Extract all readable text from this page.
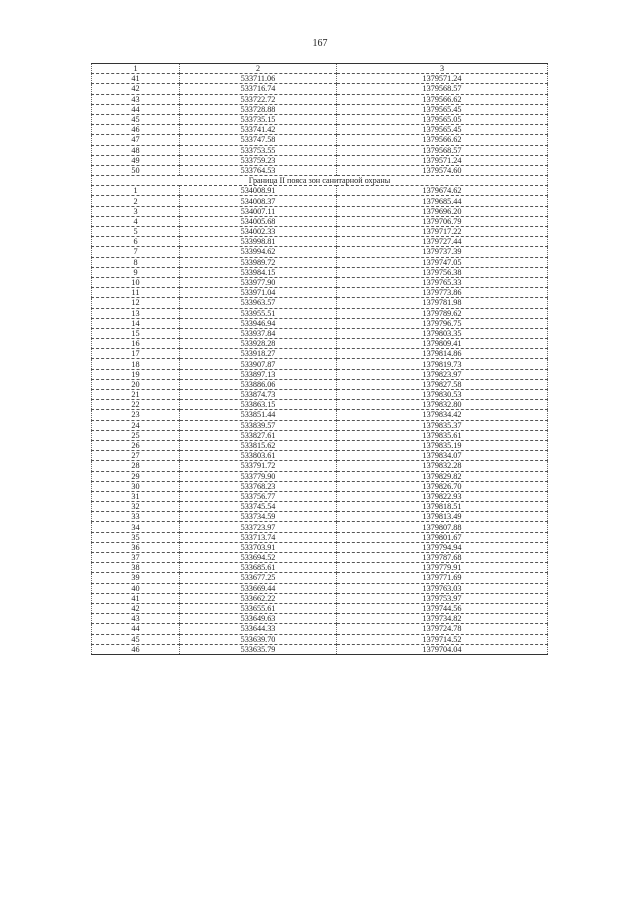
167
1	2	3
41	533711.06	1379571.24
42	533716.74	1379568.57
43	533722.72	1379566.62
44	533728.88	1379565.45
45	533735.15	1379565.05
46	533741.42	1379565.45
47	533747.58	1379566.62
48	533753.55	1379568.57
49	533759.23	1379571.24
50	533764.53	1379574.60
Граница II пояса зон санитарной охраны		
1	534008.91	1379674.62
2	534008.37	1379685.44
3	534007.11	1379696.20
4	534005.68	1379706.79
5	534002.33	1379717.22
6	533998.81	1379727.44
7	533994.62	1379737.39
8	533989.72	1379747.05
9	533984.15	1379756.38
10	533977.90	1379765.33
11	533971.04	1379773.86
12	533963.57	1379781.98
13	533955.51	1379789.62
14	533946.94	1379796.75
15	533937.84	1379803.35
16	533928.28	1379809.41
17	533918.27	1379814.86
18	533907.87	1379819.73
19	533897.13	1379823.97
20	533886.06	1379827.58
21	533874.73	1379830.53
22	533863.15	1379832.80
23	533851.44	1379834.42
24	533839.57	1379835.37
25	533827.61	1379835.61
26	533815.62	1379835.19
27	533803.61	1379834.07
28	533791.72	1379832.28
29	533779.90	1379829.82
30	533768.23	1379826.70
31	533756.77	1379822.93
32	533745.54	1379818.51
33	533734.59	1379813.49
34	533723.97	1379807.88
35	533713.74	1379801.67
36	533703.91	1379794.94
37	533694.52	1379787.68
38	533685.61	1379779.91
39	533677.25	1379771.69
40	533669.44	1379763.03
41	533662.22	1379753.97
42	533655.61	1379744.56
43	533649.63	1379734.82
44	533644.33	1379724.78
45	533639.70	1379714.52
46	533635.79	1379704.04
